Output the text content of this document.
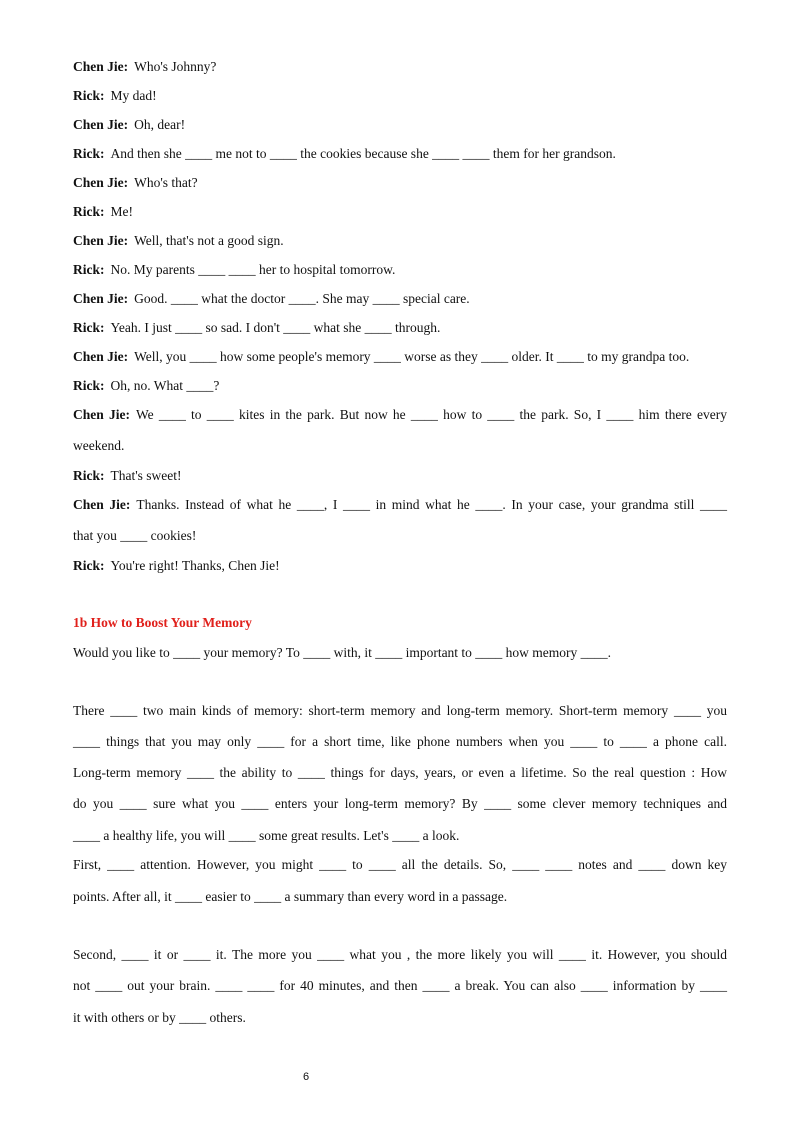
Chen Jie: Who's Johnny?
Rick: My dad!
Chen Jie: Oh, dear!
Rick: And then she ____ me not to ____ the cookies because she ____ ____ them for her grandson.
Chen Jie: Who's that?
Rick: Me!
Chen Jie: Well, that's not a good sign.
Rick: No. My parents ____ ____ her to hospital tomorrow.
Chen Jie: Good. ____ what the doctor ____. She may ____ special care.
Rick: Yeah. I just ____ so sad. I don't ____ what she ____ through.
Chen Jie: Well, you ____ how some people's memory ____ worse as they ____ older. It ____ to my grandpa too.
Rick: Oh, no. What ____?
Chen Jie: We ____ to ____ kites in the park. But now he ____ how to ____ the park. So, I ____ him there every
weekend.
Rick: That's sweet!
Chen Jie: Thanks. Instead of what he ____, I ____ in mind what he ____. In your case, your grandma still ____
that you ____ cookies!
Rick: You're right! Thanks, Chen Jie!
1b How to Boost Your Memory
Would you like to ____ your memory? To ____ with, it ____ important to ____ how memory ____.
There ____ two main kinds of memory: short-term memory and long-term memory. Short-term memory ____ you
____ things that you may only ____ for a short time, like phone numbers when you ____ to ____ a phone call.
Long-term memory ____ the ability to ____ things for days, years, or even a lifetime. So the real question : How
do you ____ sure what you ____ enters your long-term memory? By ____ some clever memory techniques and
____ a healthy life, you will ____ some great results. Let's ____ a look.
First, ____ attention. However, you might ____ to ____ all the details. So, ____ ____ notes and ____ down key
points. After all, it ____ easier to ____ a summary than every word in a passage.
Second, ____ it or ____ it. The more you ____ what you , the more likely you will ____ it. However, you should
not ____ out your brain. ____ ____ for 40 minutes, and then ____ a break. You can also ____ information by ____
it with others or by ____ others.
6
